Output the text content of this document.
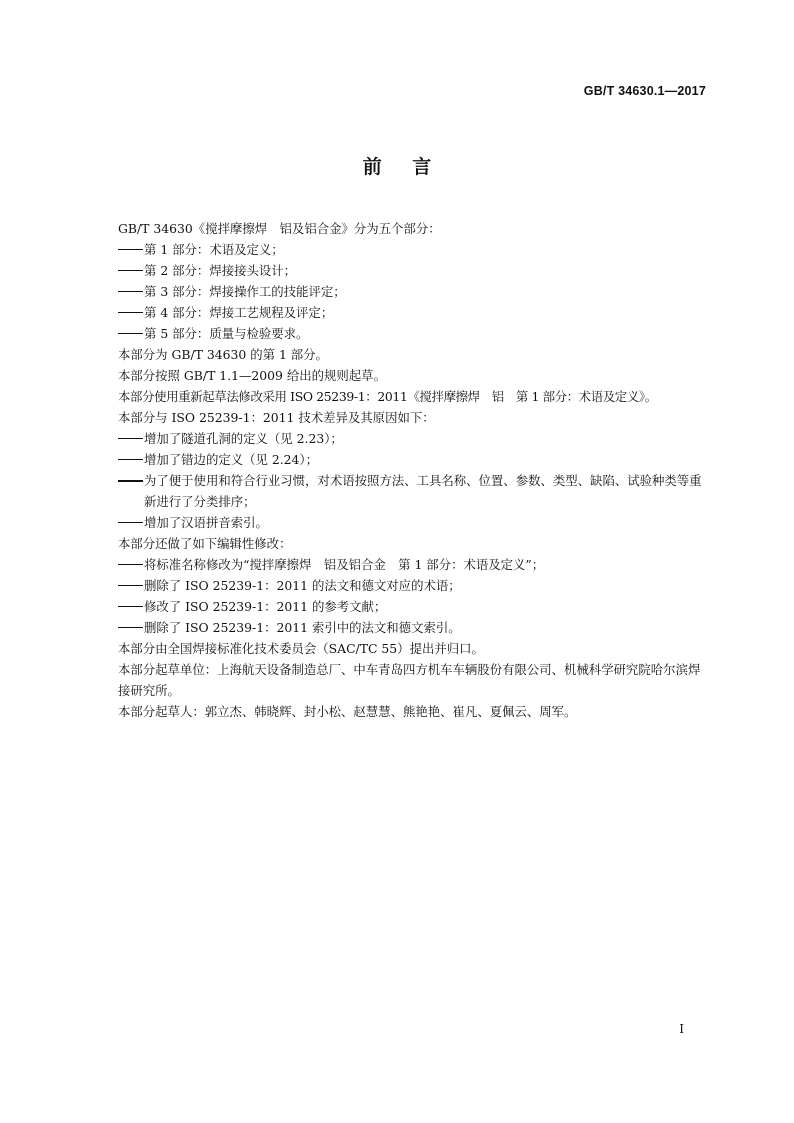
GB/T 34630.1—2017
前 言

GB/T 34630《搅拌摩擦焊　铝及铝合金》分为五个部分：

第 1 部分：术语及定义；

第 2 部分：焊接接头设计；

第 3 部分：焊接操作工的技能评定；

第 4 部分：焊接工艺规程及评定；

第 5 部分：质量与检验要求。

本部分为 GB/T 34630 的第 1 部分。

本部分按照 GB/T 1.1—2009 给出的规则起草。

本部分使用重新起草法修改采用 ISO 25239-1：2011《搅拌摩擦焊　铝　第 1 部分：术语及定义》。

本部分与 ISO 25239-1：2011 技术差异及其原因如下：

增加了隧道孔洞的定义（见 2.23）；

增加了错边的定义（见 2.24）；

为了便于使用和符合行业习惯，对术语按照方法、工具名称、位置、参数、类型、缺陷、试验种类等重新进行了分类排序；

增加了汉语拼音索引。

本部分还做了如下编辑性修改：

将标准名称修改为“搅拌摩擦焊　铝及铝合金　第 1 部分：术语及定义”；

删除了 ISO 25239-1：2011 的法文和德文对应的术语；

修改了 ISO 25239-1：2011 的参考文献；

删除了 ISO 25239-1：2011 索引中的法文和德文索引。

本部分由全国焊接标准化技术委员会（SAC/TC 55）提出并归口。

本部分起草单位：上海航天设备制造总厂、中车青岛四方机车车辆股份有限公司、机械科学研究院哈尔滨焊接研究所。

本部分起草人：郭立杰、韩晓辉、封小松、赵慧慧、熊艳艳、崔凡、夏佩云、周军。

I
